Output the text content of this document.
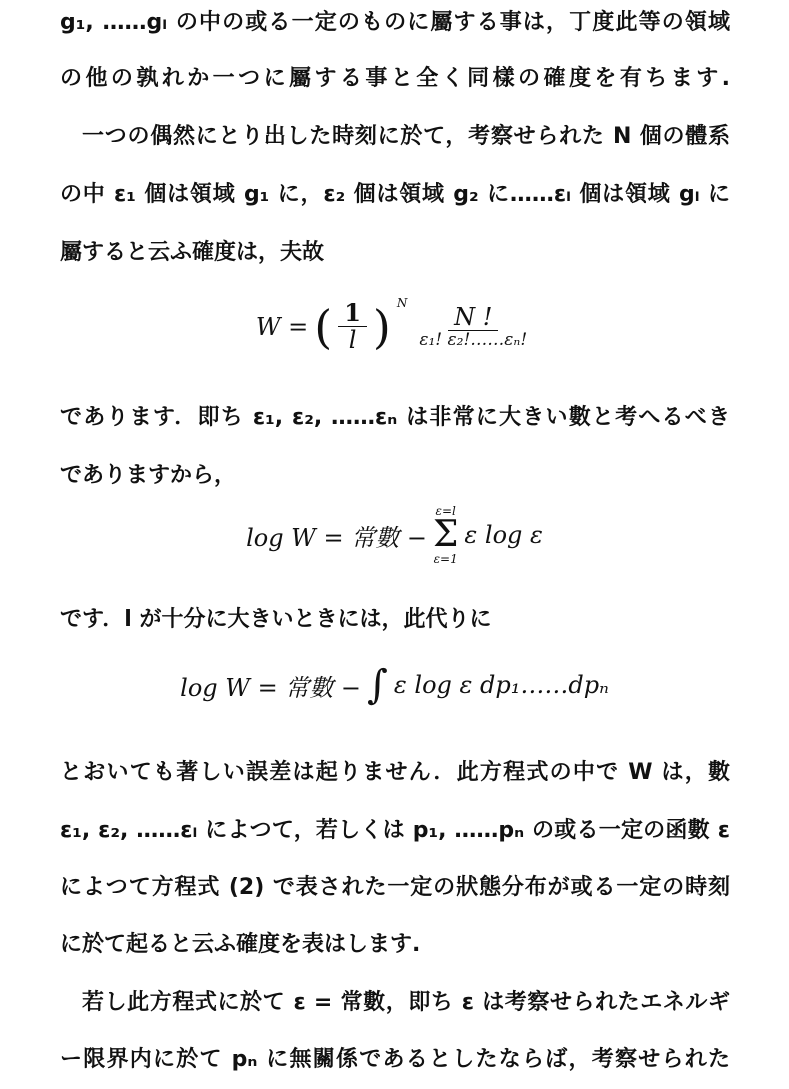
g₁, ……gₗ の中の或る一定のものに屬する事は，丁度此等の領域
の他の孰れか一つに屬する事と全く同樣の確度を有ちます.
一つの偶然にとり出した時刻に於て，考察せられた N 個の體系
の中 ε₁ 個は領域 g₁ に，ε₂ 個は領域 g₂ に……εₗ 個は領域 gₗ に
屬すると云ふ確度は，夫故
W = ( $\frac{1}{l}$ ) N
$\frac{N !}{\text{ε₁! ε₂!……εₙ!}}$
であります．即ち ε₁, ε₂, ……εₙ は非常に大きい數と考へるべき
でありますから，
log W = 常數 −
ε=l
Σ
ε=1
ε log ε
です．l が十分に大きいときには，此代りに
log W = 常數 − ∫ ε log ε dp₁……dpₙ
とおいても著しい誤差は起りません．此方程式の中で W は，數
ε₁, ε₂, ……εₗ によつて，若しくは p₁, ……pₙ の或る一定の函數 ε
によつて方程式 (2) で表された一定の狀態分布が或る一定の時刻
に於て起ると云ふ確度を表はします.
若し此方程式に於て ε = 常數，即ち ε は考察せられたエネルギ
ー限界内に於て pₙ に無關係であるとしたならば，考察せられた
